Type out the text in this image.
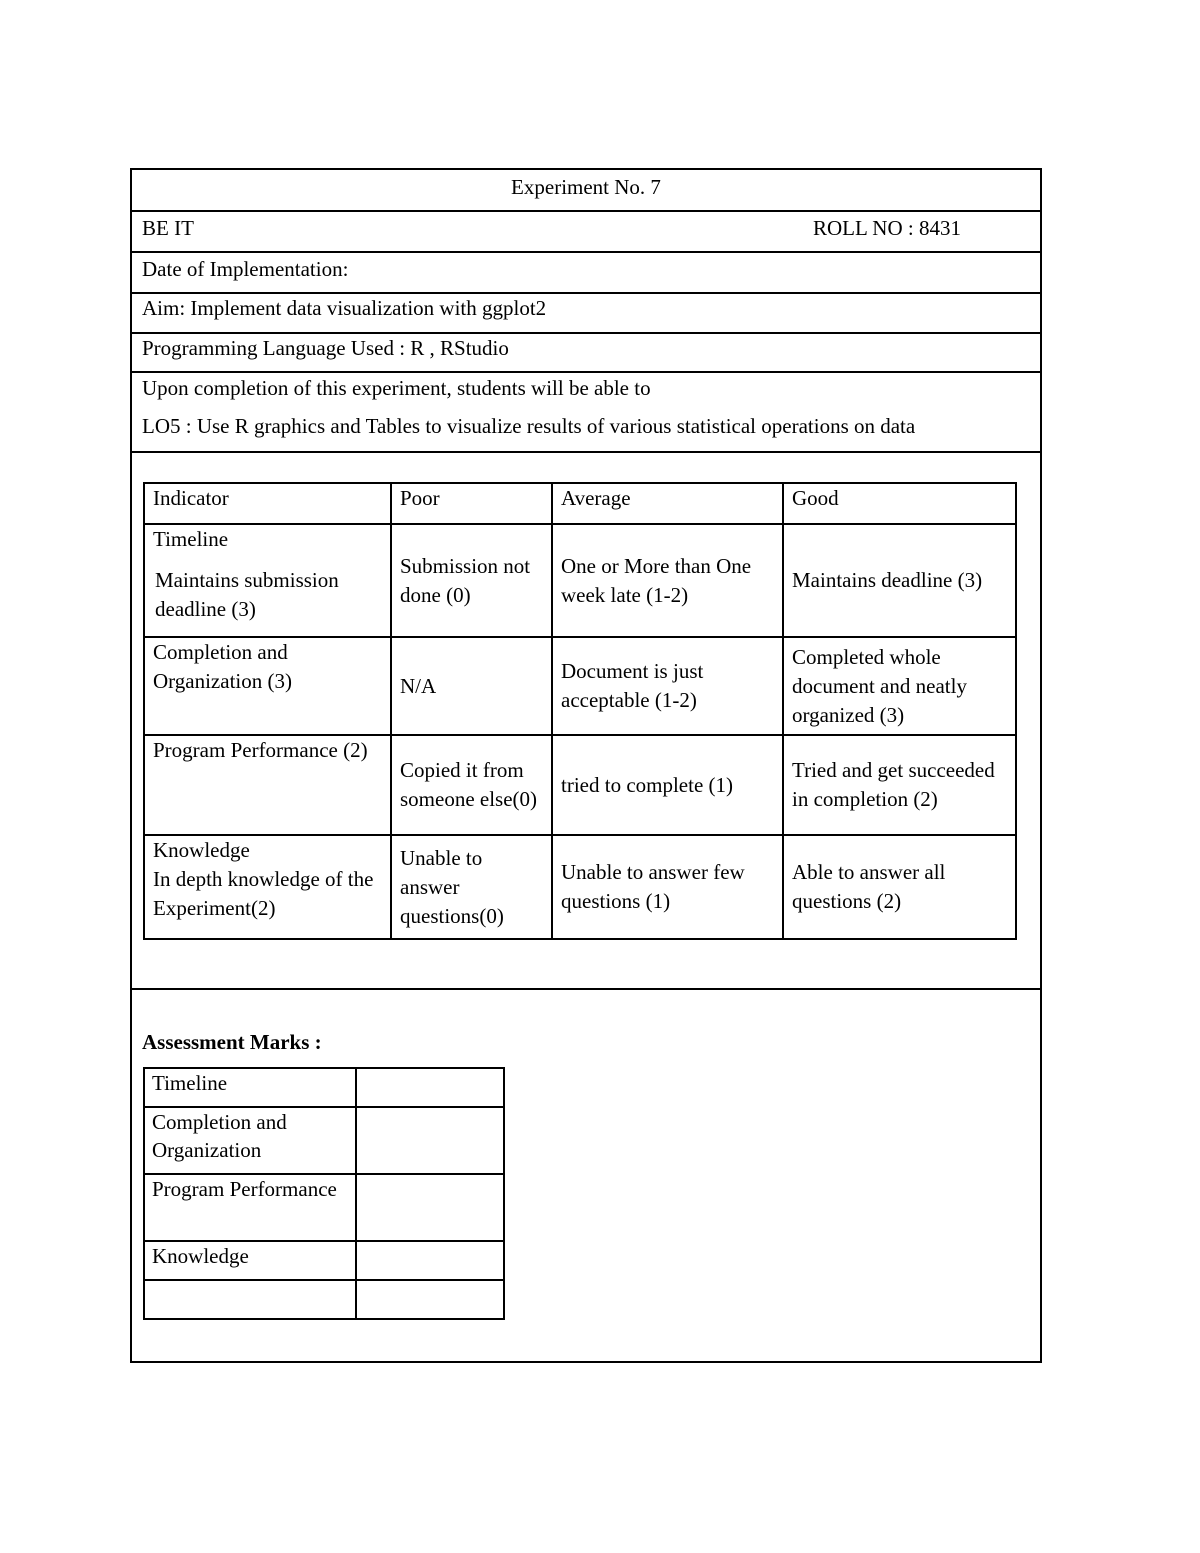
Experiment No. 7
BE IT	ROLL NO : 8431
Date of Implementation:
Aim: Implement data visualization with ggplot2
Programming Language Used : R , RStudio
Upon completion of this experiment, students will be able to
LO5 : Use R graphics and Tables to visualize results of various statistical operations on data
Indicator	Poor	Average	Good
Timeline
Maintains submission deadline (3)	Submission not done (0)	One or More than One week late (1-2)	Maintains deadline (3)
Completion and Organization (3)	N/A	Document is just acceptable (1-2)	Completed whole document and neatly organized (3)
Program Performance (2)	Copied it from someone else(0)	tried to complete (1)	Tried and get succeeded in completion (2)
Knowledge
In depth knowledge of the Experiment(2)	Unable to answer questions(0)	Unable to answer few questions (1)	Able to answer all questions (2)
Assessment Marks :
Timeline	
Completion and Organization	
Program Performance	
Knowledge	
